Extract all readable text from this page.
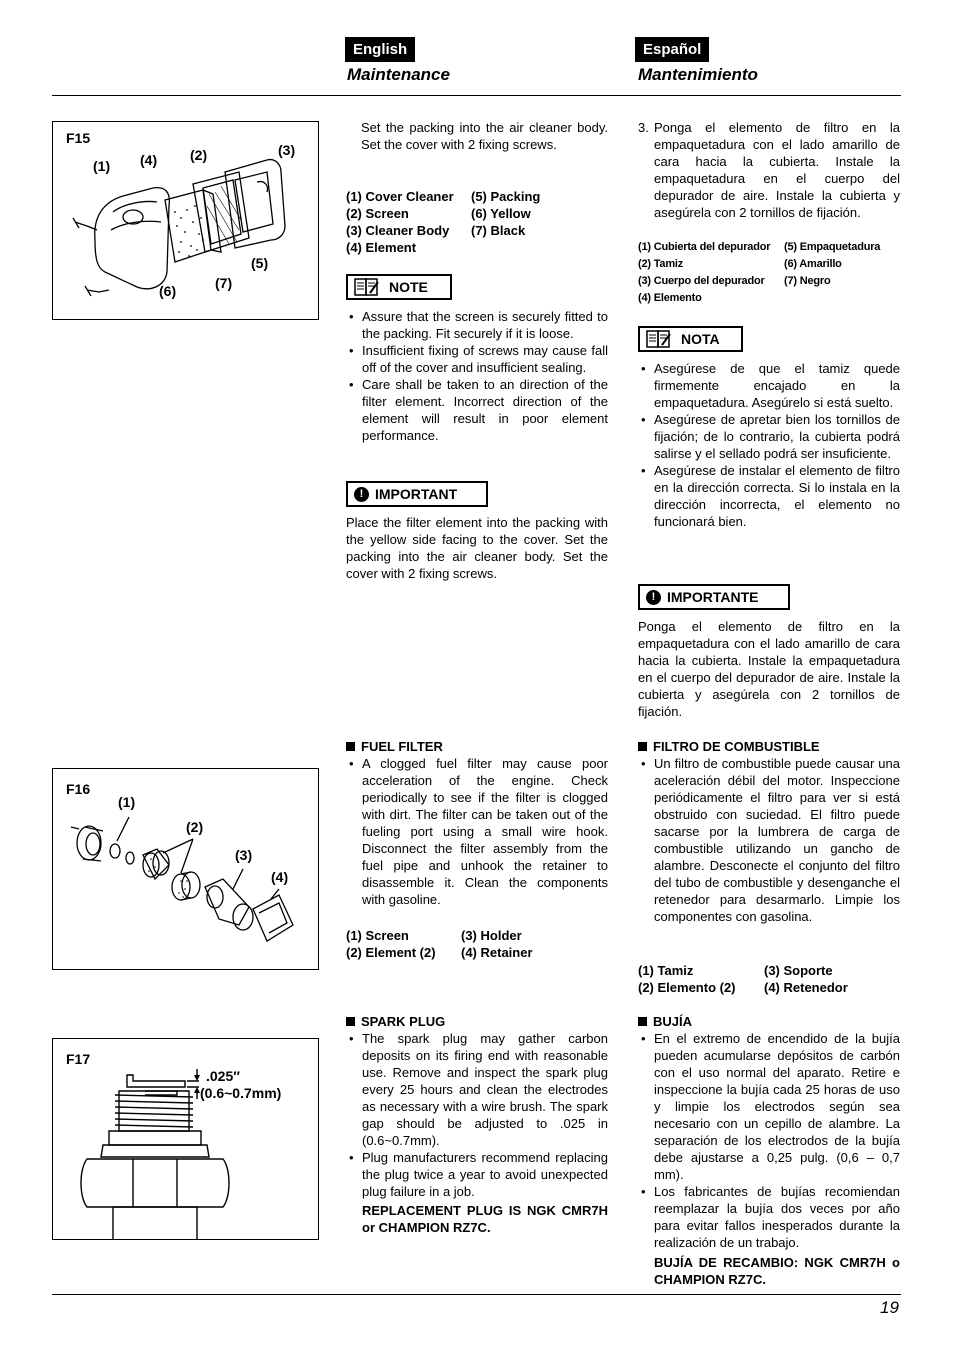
English	Español
Maintenance	Mantenimiento
F15
(1) (4) (2)	(3)
(5)
(7)
(6)
Set the packing into the air cleaner body. Set the cover with 2 fixing screws.
(1) Cover Cleaner	(5) Packing
(2) Screen	(6) Yellow
(3) Cleaner Body	(7) Black
(4) Element
NOTE
• Assure that the screen is securely fitted to the packing. Fit securely if it is loose.
• Insufficient fixing of screws may cause fall off of the cover and insufficient sealing.
• Care shall be taken to an direction of the filter element. Incorrect direction of the element will result in poor element performance.
! IMPORTANT
Place the filter element into the packing with the yellow side facing to the cover. Set the packing into the air cleaner body. Set the cover with 2 fixing screws.
3. Ponga el elemento de filtro en la empaquetadura con el lado amarillo de cara hacia la cubierta. Instale la empaquetadura en el cuerpo del depurador de aire. Instale la cubierta y asegúrela con 2 tornillos de fijación.
(1) Cubierta del depurador	(5) Empaquetadura
(2) Tamiz	(6) Amarillo
(3) Cuerpo del depurador	(7) Negro
(4) Elemento
NOTA
• Asegúrese de que el tamiz quede firmemente encajado en la empaquetadura. Asegúrelo si está suelto.
• Asegúrese de apretar bien los tornillos de fijación; de lo contrario, la cubierta podrá salirse y el sellado podrá ser insuficiente.
• Asegúrese de instalar el elemento de filtro en la dirección correcta. Si lo instala en la dirección incorrecta, el elemento no funcionará bien.
! IMPORTANTE
Ponga el elemento de filtro en la empaquetadura con el lado amarillo de cara hacia la cubierta. Instale la empaquetadura en el cuerpo del depurador de aire. Instale la cubierta y asegúrela con 2 tornillos de fijación.
F16
(1)
(2)
(3)
(4)
FUEL FILTER
• A clogged fuel filter may cause poor acceleration of the engine. Check periodically to see if the filter is clogged with dirt. The filter can be taken out of the fueling port using a small wire hook. Disconnect the filter assembly from the fuel pipe and unhook the retainer to disassemble it. Clean the components with gasoline.
(1) Screen	(3) Holder
(2) Element (2)	(4) Retainer
FILTRO DE COMBUSTIBLE
• Un filtro de combustible puede causar una aceleración débil del motor. Inspeccione periódicamente el filtro para ver si está obstruido con suciedad. El filtro puede sacarse por la lumbrera de carga de combustible utilizando un gancho de alambre. Desconecte el conjunto del filtro del tubo de combustible y desenganche el retenedor para desarmarlo. Limpie los componentes con gasolina.
(1) Tamiz	(3) Soporte
(2) Elemento (2)	(4) Retenedor
F17
.025″
(0.6~0.7mm)
SPARK PLUG
• The spark plug may gather carbon deposits on its firing end with reasonable use. Remove and inspect the spark plug every 25 hours and clean the electrodes as necessary with a wire brush. The spark gap should be adjusted to .025 in (0.6~0.7mm).
• Plug manufacturers recommend replacing the plug twice a year to avoid unexpected plug failure in a job.
REPLACEMENT PLUG IS NGK CMR7H or CHAMPION RZ7C.
BUJÍA
• En el extremo de encendido de la bujía pueden acumularse depósitos de carbón con el uso normal del aparato. Retire e inspeccione la bujía cada 25 horas de uso y limpie los electrodos según sea necesario con un cepillo de alambre. La separación de los electrodos de la bujía debe ajustarse a 0,25 pulg. (0,6 – 0,7 mm).
• Los fabricantes de bujías recomiendan reemplazar la bujía dos veces por año para evitar fallos inesperados durante la realización de un trabajo.
BUJÍA DE RECAMBIO: NGK CMR7H o CHAMPION RZ7C.
19
